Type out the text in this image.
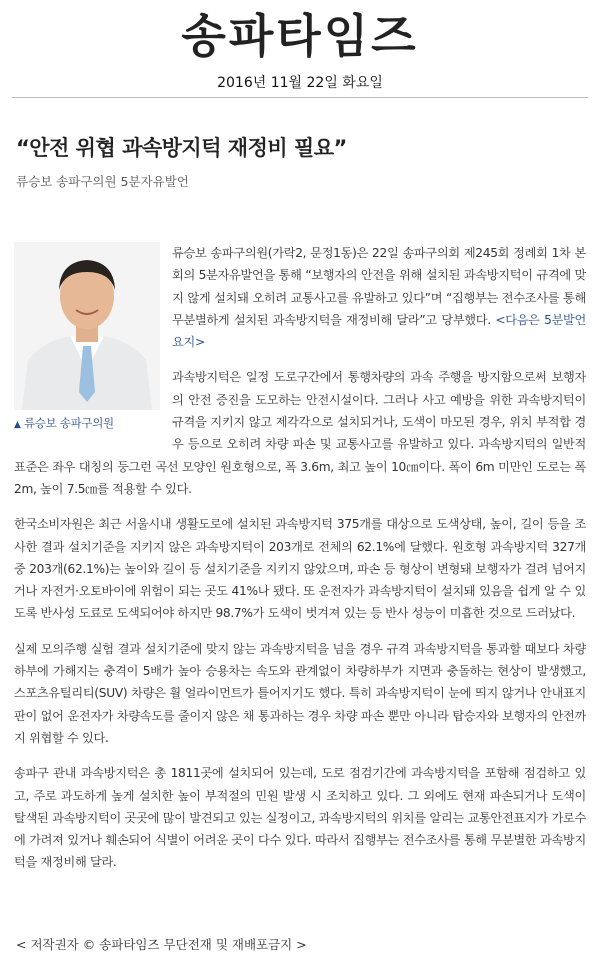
송파타임즈
2016년 11월 22일 화요일
“안전 위협 과속방지턱 재정비 필요”
류승보 송파구의원 5분자유발언
▲ 류승보 송파구의원

류승보 송파구의원(가락2, 문정1동)은 22일 송파구의회 제245회 정례회 1차 본회의 5분자유발언을 통해 “보행자의 안전을 위해 설치된 과속방지턱이 규격에 맞지 않게 설치돼 오히려 교통사고를 유발하고 있다”며 “집행부는 전수조사를 통해 무분별하게 설치된 과속방지턱을 재정비해 달라”고 당부했다. <다음은 5분발언 요지>

과속방지턱은 일정 도로구간에서 통행차량의 과속 주행을 방지함으로써 보행자의 안전 증진을 도모하는 안전시설이다. 그러나 사고 예방을 위한 과속방지턱이 규격을 지키지 않고 제각각으로 설치되거나, 도색이 마모된 경우, 위치 부적합 경우 등으로 오히려 차량 파손 및 교통사고를 유발하고 있다. 과속방지턱의 일반적 표준은 좌우 대칭의 둥그런 곡선 모양인 원호형으로, 폭 3.6m, 최고 높이 10㎝이다. 폭이 6m 미만인 도로는 폭 2m, 높이 7.5㎝를 적용할 수 있다.

한국소비자원은 최근 서울시내 생활도로에 설치된 과속방지턱 375개를 대상으로 도색상태, 높이, 길이 등을 조사한 결과 설치기준을 지키지 않은 과속방지턱이 203개로 전체의 62.1%에 달했다. 원호형 과속방지턱 327개중 203개(62.1%)는 높이와 길이 등 설치기준을 지키지 않았으며, 파손 등 형상이 변형돼 보행자가 걸려 넘어지거나 자전거·오토바이에 위험이 되는 곳도 41%나 됐다. 또 운전자가 과속방지턱이 설치돼 있음을 쉽게 알 수 있도록 반사성 도료로 도색되어야 하지만 98.7%가 도색이 벗겨져 있는 등 반사 성능이 미흡한 것으로 드러났다.

실제 모의주행 실험 결과 설치기준에 맞지 않는 과속방지턱을 넘을 경우 규격 과속방지턱을 통과할 때보다 차량하부에 가해지는 충격이 5배가 높아 승용차는 속도와 관계없이 차량하부가 지면과 충돌하는 현상이 발생했고, 스포츠유틸리티(SUV) 차량은 휠 얼라이먼트가 틀어지기도 했다. 특히 과속방지턱이 눈에 띄지 않거나 안내표지판이 없어 운전자가 차량속도를 줄이지 않은 채 통과하는 경우 차량 파손 뿐만 아니라 탑승자와 보행자의 안전까지 위협할 수 있다.

송파구 관내 과속방지턱은 총 1811곳에 설치되어 있는데, 도로 점검기간에 과속방지턱을 포함해 점검하고 있고, 주로 과도하게 높게 설치한 높이 부적절의 민원 발생 시 조치하고 있다. 그 외에도 현재 파손되거나 도색이 탈색된 과속방지턱이 곳곳에 많이 발견되고 있는 실정이고, 과속방지턱의 위치를 알리는 교통안전표지가 가로수에 가려져 있거나 훼손되어 식별이 어려운 곳이 다수 있다. 따라서 집행부는 전수조사를 통해 무분별한 과속방지턱을 재정비해 달라.

< 저작권자 © 송파타임즈 무단전재 및 재배포금지 >
